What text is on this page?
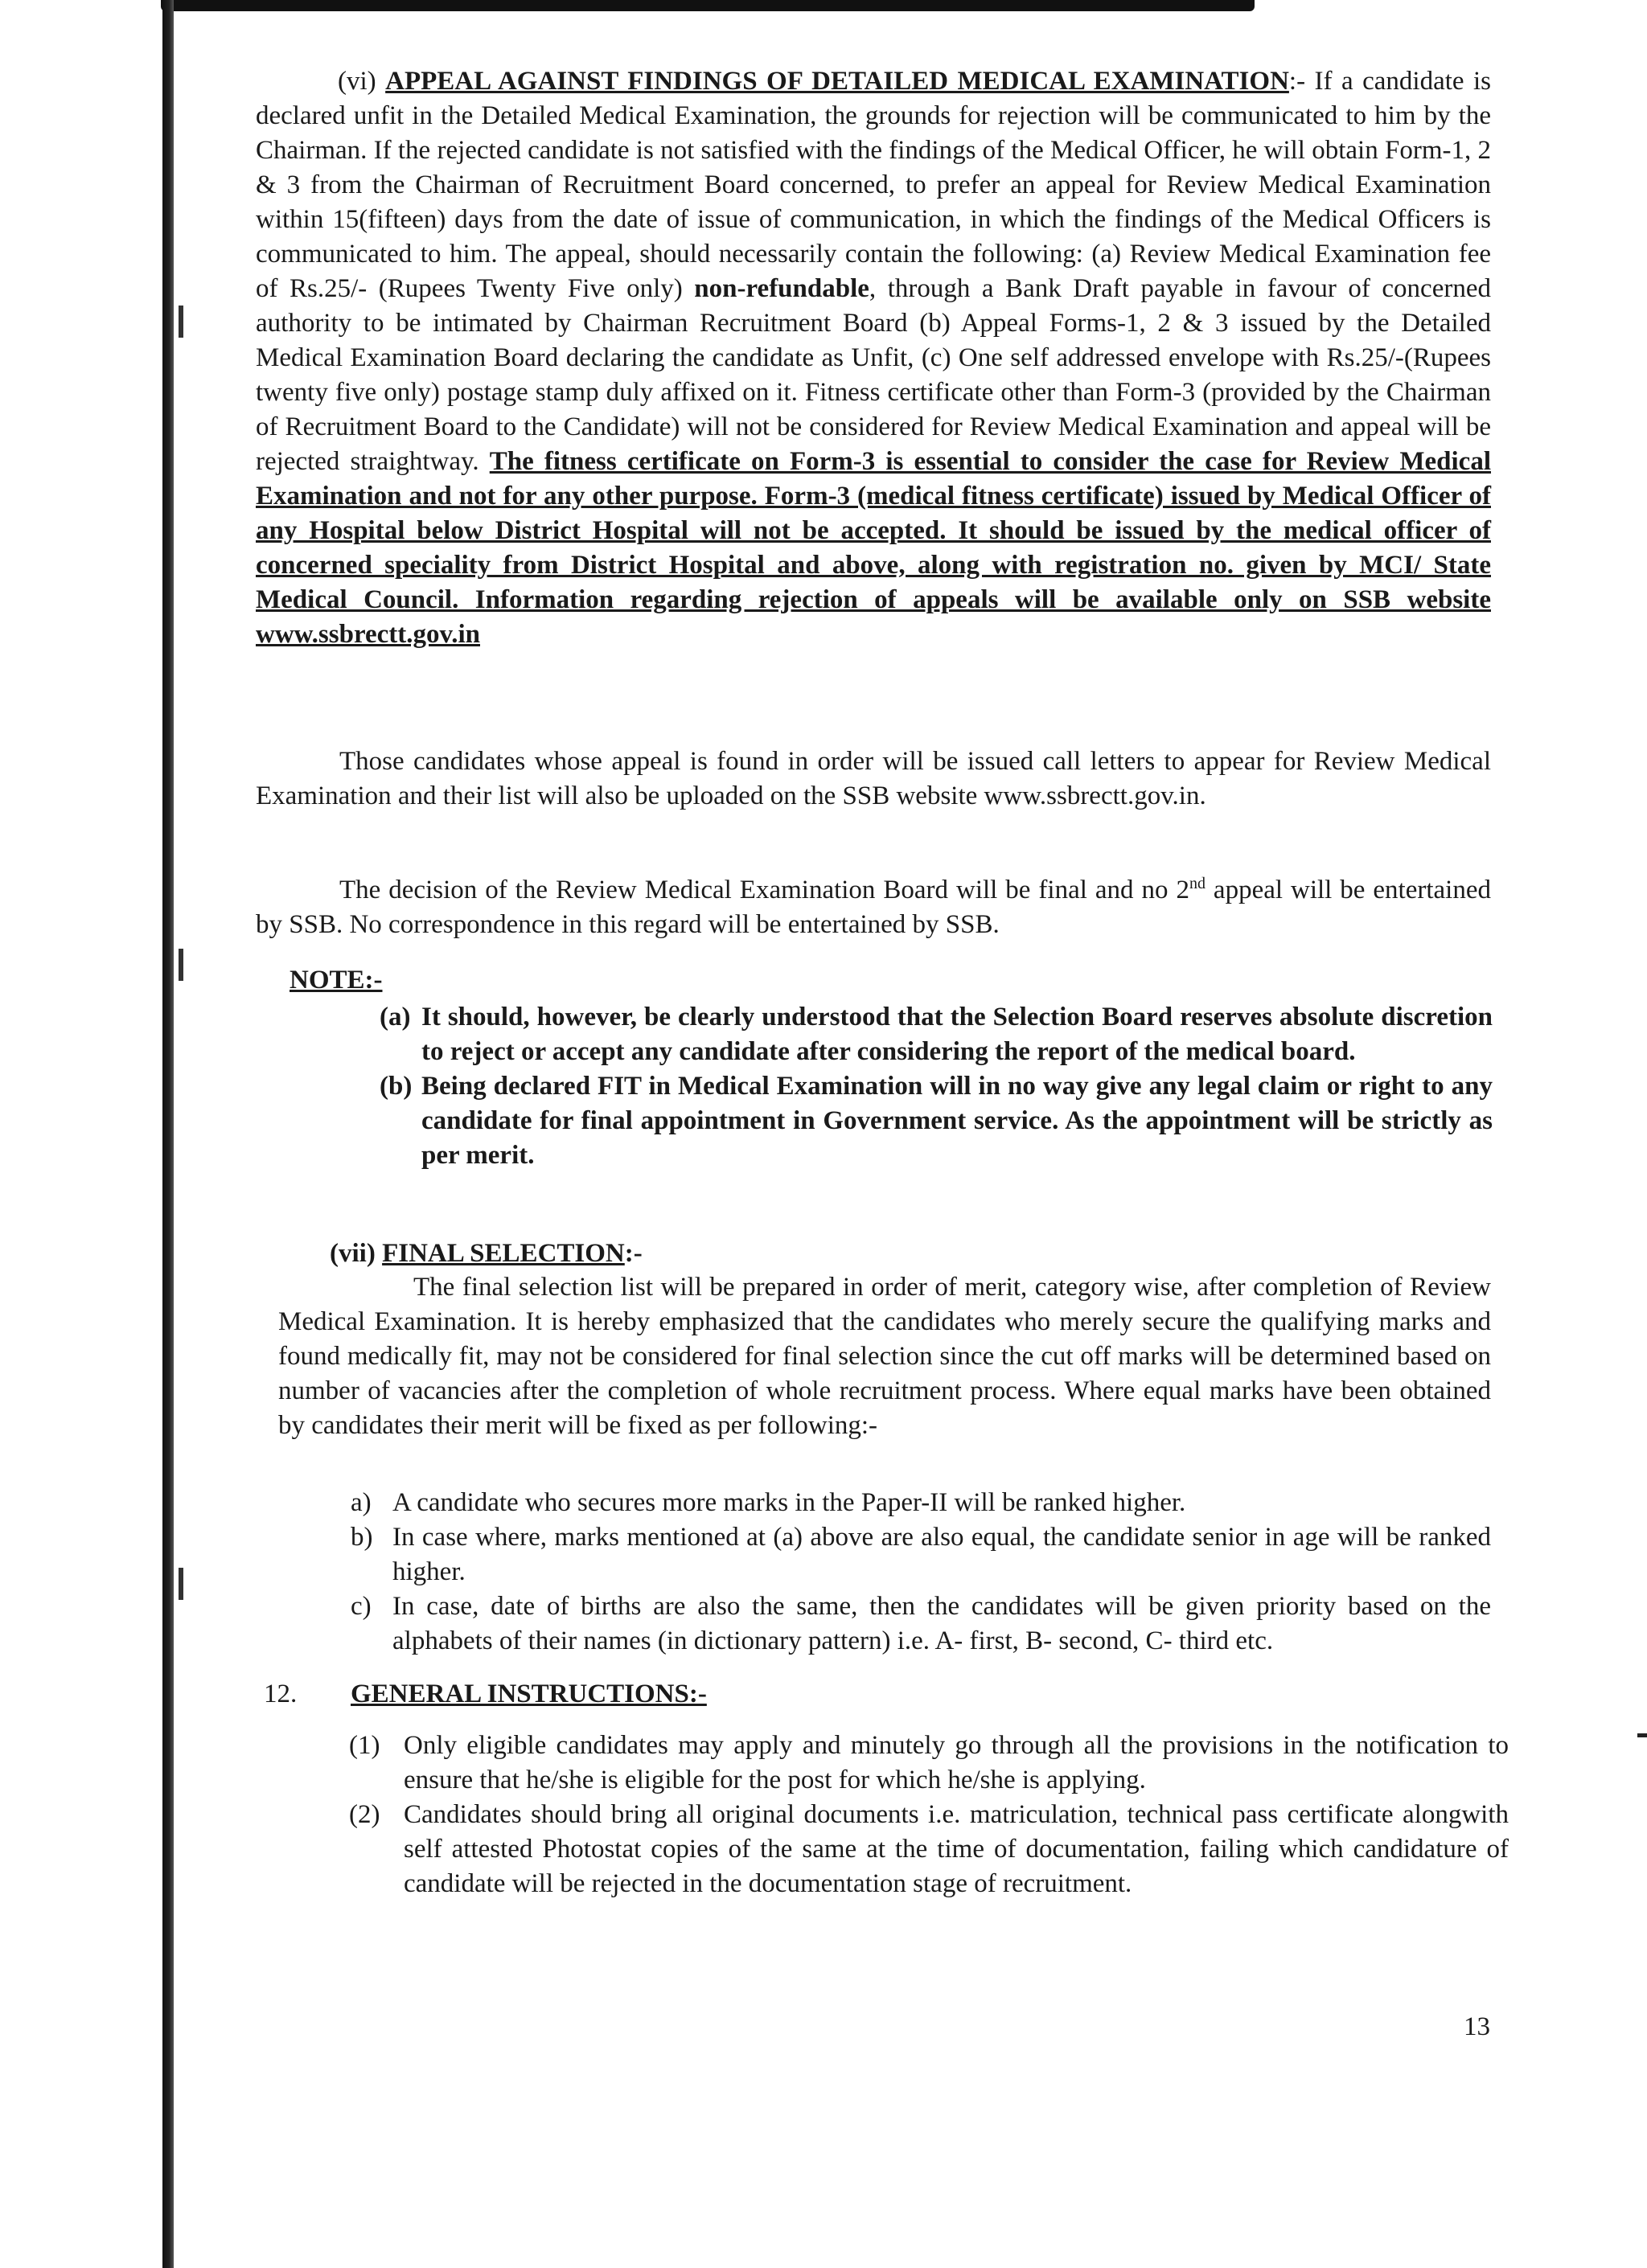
(vi) APPEAL AGAINST FINDINGS OF DETAILED MEDICAL EXAMINATION:- If a candidate is declared unfit in the Detailed Medical Examination, the grounds for rejection will be communicated to him by the Chairman. If the rejected candidate is not satisfied with the findings of the Medical Officer, he will obtain Form-1, 2 & 3 from the Chairman of Recruitment Board concerned, to prefer an appeal for Review Medical Examination within 15(fifteen) days from the date of issue of communication, in which the findings of the Medical Officers is communicated to him. The appeal, should necessarily contain the following: (a) Review Medical Examination fee of Rs.25/- (Rupees Twenty Five only) non-refundable, through a Bank Draft payable in favour of concerned authority to be intimated by Chairman Recruitment Board (b) Appeal Forms-1, 2 & 3 issued by the Detailed Medical Examination Board declaring the candidate as Unfit, (c) One self addressed envelope with Rs.25/-(Rupees twenty five only) postage stamp duly affixed on it. Fitness certificate other than Form-3 (provided by the Chairman of Recruitment Board to the Candidate) will not be considered for Review Medical Examination and appeal will be rejected straightway. The fitness certificate on Form-3 is essential to consider the case for Review Medical Examination and not for any other purpose. Form-3 (medical fitness certificate) issued by Medical Officer of any Hospital below District Hospital will not be accepted. It should be issued by the medical officer of concerned speciality from District Hospital and above, along with registration no. given by MCI/ State Medical Council. Information regarding rejection of appeals will be available only on SSB website www.ssbrectt.gov.in

Those candidates whose appeal is found in order will be issued call letters to appear for Review Medical Examination and their list will also be uploaded on the SSB website www.ssbrectt.gov.in.

The decision of the Review Medical Examination Board will be final and no 2nd appeal will be entertained by SSB. No correspondence in this regard will be entertained by SSB.

NOTE:-

(a) It should, however, be clearly understood that the Selection Board reserves absolute discretion to reject or accept any candidate after considering the report of the medical board.
(b) Being declared FIT in Medical Examination will in no way give any legal claim or right to any candidate for final appointment in Government service. As the appointment will be strictly as per merit.

(vii) FINAL SELECTION:-

The final selection list will be prepared in order of merit, category wise, after completion of Review Medical Examination. It is hereby emphasized that the candidates who merely secure the qualifying marks and found medically fit, may not be considered for final selection since the cut off marks will be determined based on number of vacancies after the completion of whole recruitment process. Where equal marks have been obtained by candidates their merit will be fixed as per following:-

a) A candidate who secures more marks in the Paper-II will be ranked higher.
b) In case where, marks mentioned at (a) above are also equal, the candidate senior in age will be ranked higher.
c) In case, date of births are also the same, then the candidates will be given priority based on the alphabets of their names (in dictionary pattern) i.e. A- first, B- second, C- third etc.

12. GENERAL INSTRUCTIONS:-

(1) Only eligible candidates may apply and minutely go through all the provisions in the notification to ensure that he/she is eligible for the post for which he/she is applying.
(2) Candidates should bring all original documents i.e. matriculation, technical pass certificate alongwith self attested Photostat copies of the same at the time of documentation, failing which candidature of candidate will be rejected in the documentation stage of recruitment.
13
